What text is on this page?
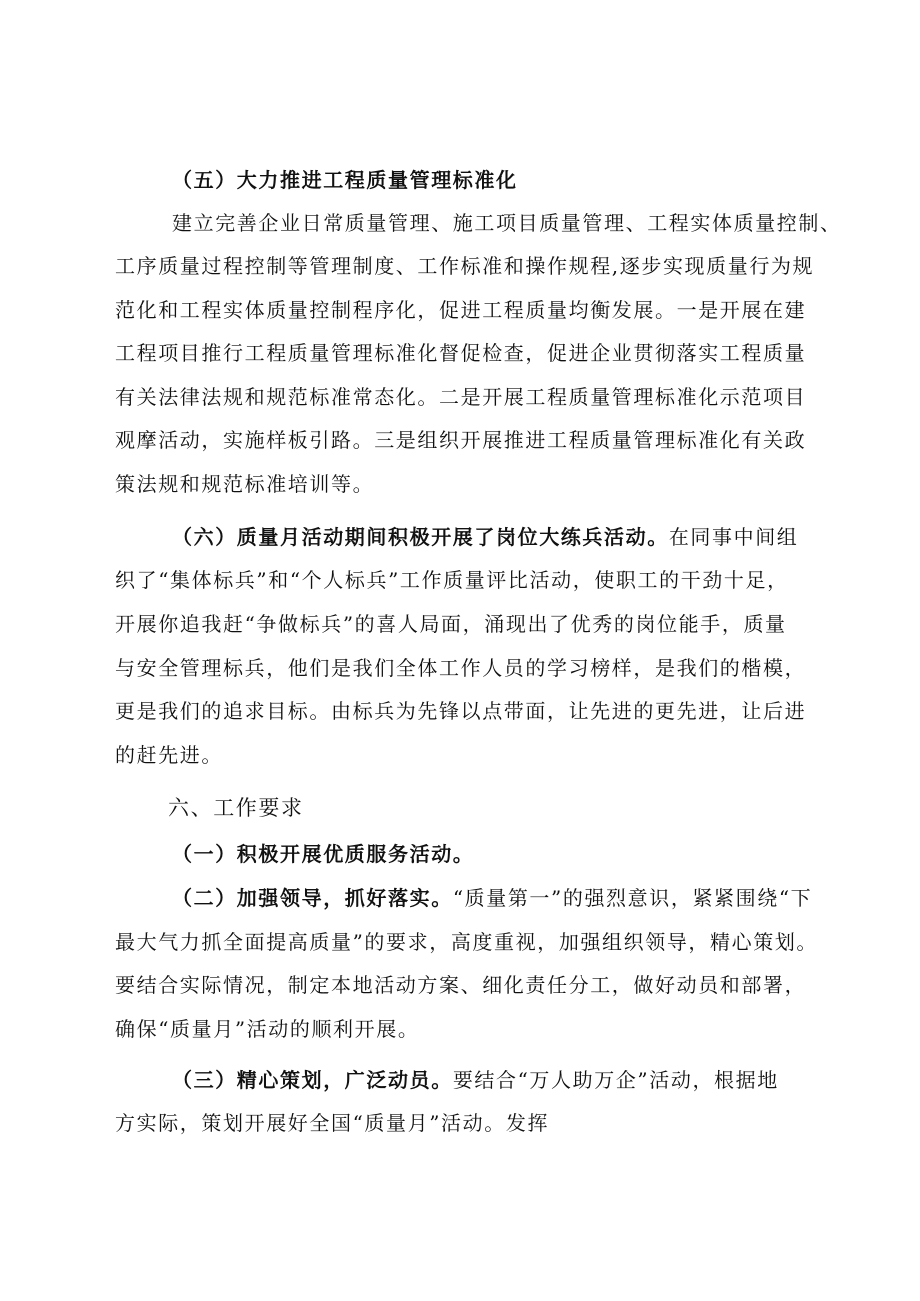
（五）大力推进工程质量管理标准化
建立完善企业日常质量管理、施工项目质量管理、工程实体质量控制、
工序质量过程控制等管理制度、工作标准和操作规程,逐步实现质量行为规
范化和工程实体质量控制程序化，促进工程质量均衡发展。一是开展在建
工程项目推行工程质量管理标准化督促检查，促进企业贯彻落实工程质量
有关法律法规和规范标准常态化。二是开展工程质量管理标准化示范项目
观摩活动，实施样板引路。三是组织开展推进工程质量管理标准化有关政
策法规和规范标准培训等。
（六）质量月活动期间积极开展了岗位大练兵活动。在同事中间组
织了“集体标兵”和“个人标兵”工作质量评比活动，使职工的干劲十足，
开展你追我赶“争做标兵”的喜人局面，涌现出了优秀的岗位能手，质量
与安全管理标兵，他们是我们全体工作人员的学习榜样，是我们的楷模，
更是我们的追求目标。由标兵为先锋以点带面，让先进的更先进，让后进
的赶先进。
六、工作要求
（一）积极开展优质服务活动。
（二）加强领导，抓好落实。“质量第一”的强烈意识，紧紧围绕“下
最大气力抓全面提高质量”的要求，高度重视，加强组织领导，精心策划。
要结合实际情况，制定本地活动方案、细化责任分工，做好动员和部署，
确保“质量月”活动的顺利开展。
（三）精心策划，广泛动员。要结合“万人助万企”活动，根据地
方实际，策划开展好全国“质量月”活动。发挥
